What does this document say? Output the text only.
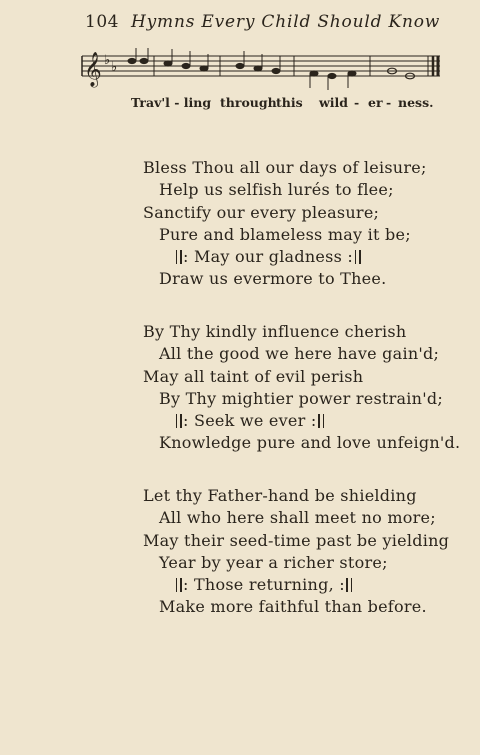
104 Hymns Every Child Should Know
𝄞 ♭ ♭
Trav'l - ling through this wild - er - ness.
Bless Thou all our days of leisure;
Help us selfish lurés to flee;
Sanctify our every pleasure;
Pure and blameless may it be;
: May our gladness :
Draw us evermore to Thee.
By Thy kindly influence cherish
All the good we here have gain'd;
May all taint of evil perish
By Thy mightier power restrain'd;
: Seek we ever :
Knowledge pure and love unfeign'd.
Let thy Father-hand be shielding
All who here shall meet no more;
May their seed-time past be yielding
Year by year a richer store;
: Those returning, :
Make more faithful than before.
